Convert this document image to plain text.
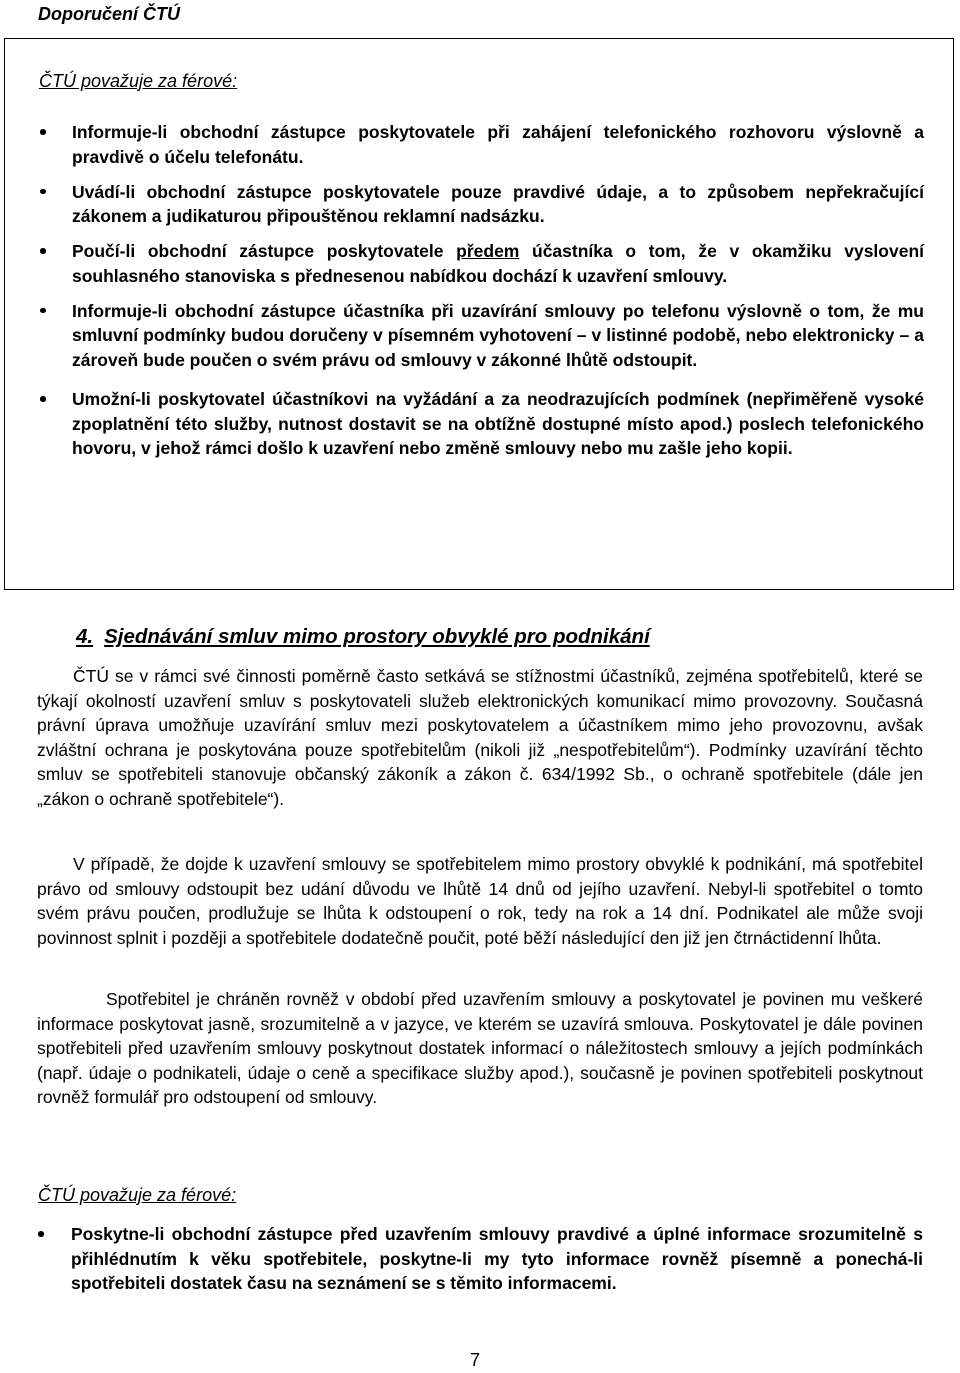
Doporučení ČTÚ

ČTÚ považuje za férové:

Informuje-li obchodní zástupce poskytovatele při zahájení telefonického rozhovoru výslovně a pravdivě o účelu telefonátu.
Uvádí-li obchodní zástupce poskytovatele pouze pravdivé údaje, a to způsobem nepřekračující zákonem a judikaturou připouštěnou reklamní nadsázku.
Poučí-li obchodní zástupce poskytovatele předem účastníka o tom, že v okamžiku vyslovení souhlasného stanoviska s přednesenou nabídkou dochází k uzavření smlouvy.
Informuje-li obchodní zástupce účastníka při uzavírání smlouvy po telefonu výslovně o tom, že mu smluvní podmínky budou doručeny v písemném vyhotovení – v listinné podobě, nebo elektronicky – a zároveň bude poučen o svém právu od smlouvy v zákonné lhůtě odstoupit.
Umožní-li poskytovatel účastníkovi na vyžádání a za neodrazujících podmínek (nepřiměřeně vysoké zpoplatnění této služby, nutnost dostavit se na obtížně dostupné místo apod.) poslech telefonického hovoru, v jehož rámci došlo k uzavření nebo změně smlouvy nebo mu zašle jeho kopii.
4. Sjednávání smluv mimo prostory obvyklé pro podnikání

ČTÚ se v rámci své činnosti poměrně často setkává se stížnostmi účastníků, zejména spotřebitelů, které se týkají okolností uzavření smluv s poskytovateli služeb elektronických komunikací mimo provozovny. Současná právní úprava umožňuje uzavírání smluv mezi poskytovatelem a účastníkem mimo jeho provozovnu, avšak zvláštní ochrana je poskytována pouze spotřebitelům (nikoli již „nespotřebitelům“). Podmínky uzavírání těchto smluv se spotřebiteli stanovuje občanský zákoník a zákon č. 634/1992 Sb., o ochraně spotřebitele (dále jen „zákon o ochraně spotřebitele“).

V případě, že dojde k uzavření smlouvy se spotřebitelem mimo prostory obvyklé k podnikání, má spotřebitel právo od smlouvy odstoupit bez udání důvodu ve lhůtě 14 dnů od jejího uzavření. Nebyl-li spotřebitel o tomto svém právu poučen, prodlužuje se lhůta k odstoupení o rok, tedy na rok a 14 dní. Podnikatel ale může svoji povinnost splnit i později a spotřebitele dodatečně poučit, poté běží následující den již jen čtrnáctidenní lhůta.

Spotřebitel je chráněn rovněž v období před uzavřením smlouvy a poskytovatel je povinen mu veškeré informace poskytovat jasně, srozumitelně a v jazyce, ve kterém se uzavírá smlouva. Poskytovatel je dále povinen spotřebiteli před uzavřením smlouvy poskytnout dostatek informací o náležitostech smlouvy a jejích podmínkách (např. údaje o podnikateli, údaje o ceně a specifikace služby apod.), současně je povinen spotřebiteli poskytnout rovněž formulář pro odstoupení od smlouvy.

ČTÚ považuje za férové:

Poskytne-li obchodní zástupce před uzavřením smlouvy pravdivé a úplné informace srozumitelně s přihlédnutím k věku spotřebitele, poskytne-li my tyto informace rovněž písemně a ponechá-li spotřebiteli dostatek času na seznámení se s těmito informacemi.

7
